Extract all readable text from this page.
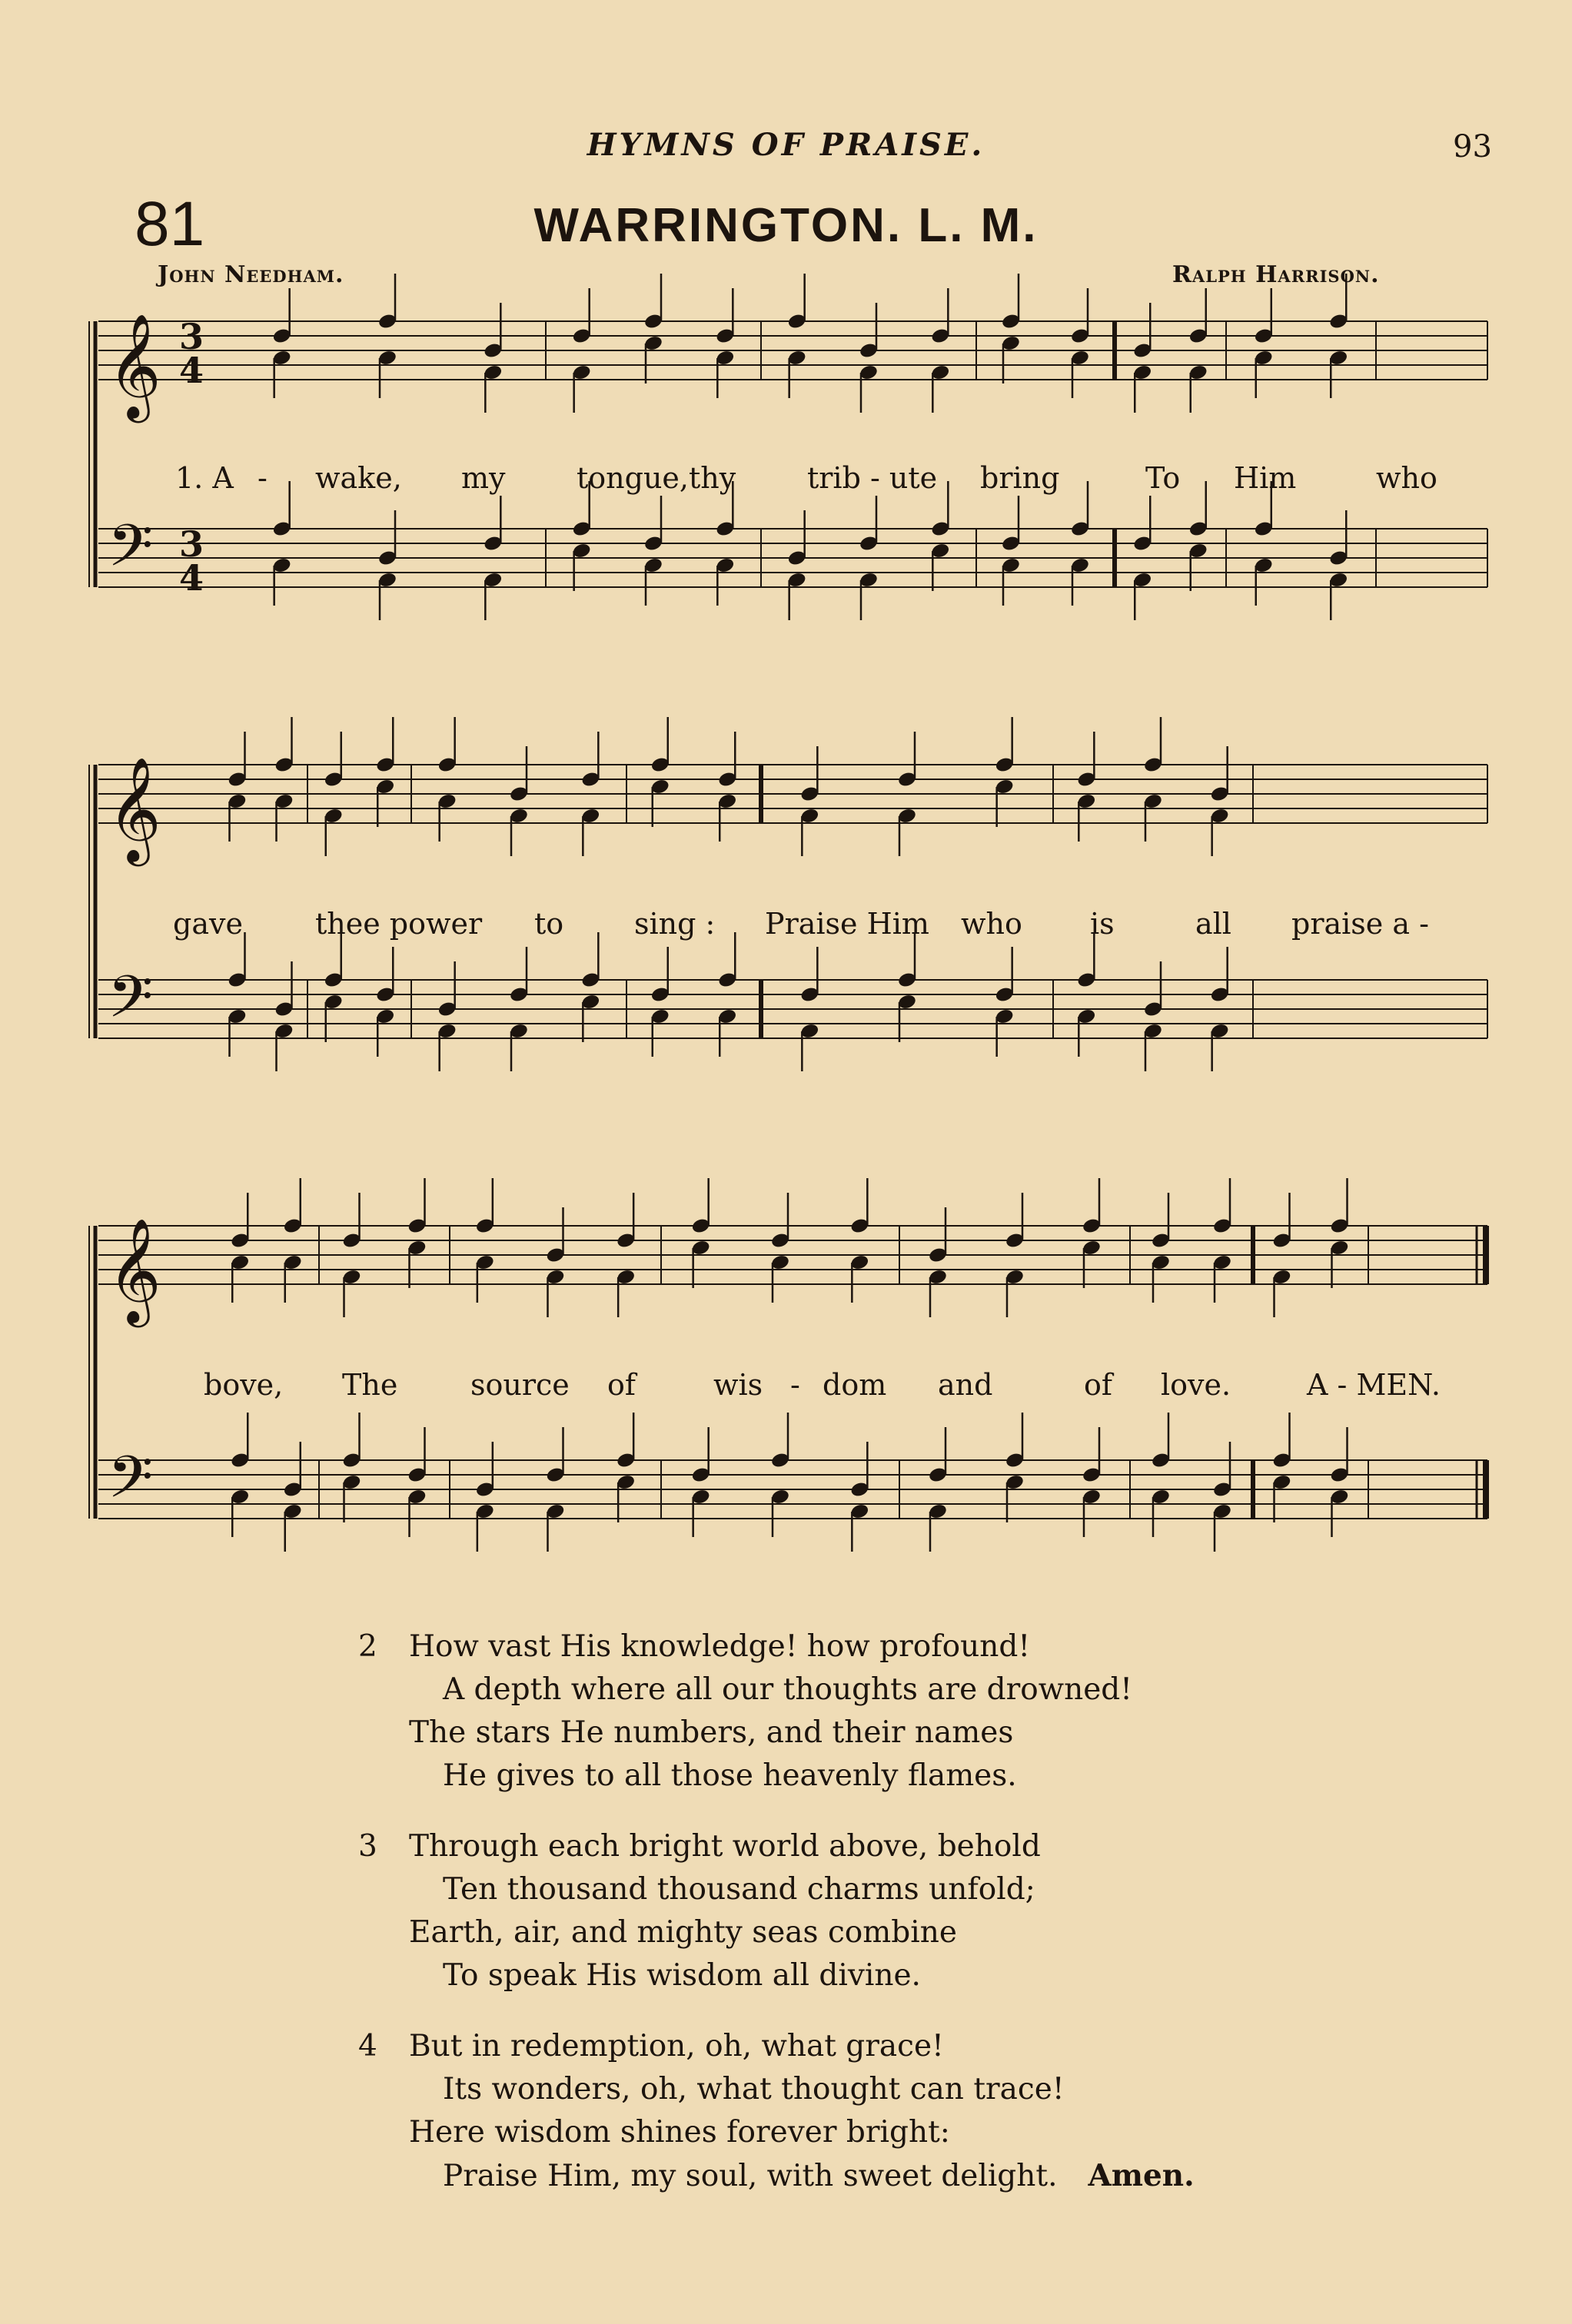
HYMNS OF PRAISE.	93
81	WARRINGTON. L. M.
John Needham.	Ralph Harrison.
𝄞 3
4
𝄢 3
4
𝄞
𝄢
𝄞
𝄢
1. A - wake, my tongue,thy trib - ute bring	To Him	who
gave thee power to sing : Praise Him who is	all praise a -
bove, The source of	wis - dom and	of love.	A - MEN.
2	How vast His knowledge! how profound!
A depth where all our thoughts are drowned!
The stars He numbers, and their names
He gives to all those heavenly flames.
3	Through each bright world above, behold
Ten thousand thousand charms unfold;
Earth, air, and mighty seas combine
To speak His wisdom all divine.
4	But in redemption, oh, what grace!
Its wonders, oh, what thought can trace!
Here wisdom shines forever bright:
Praise Him, my soul, with sweet delight. Amen.
